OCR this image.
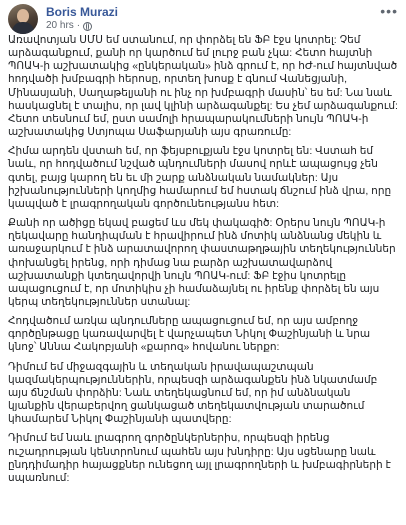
Boris Murazi
20 hrs ·
•••

Առավոտյան ՍՄՍ եմ ստանում, որ փորձել են ՖԲ էջս կոտրել: Չեմ արձագանքում, քանի որ կարծում եմ լուրջ բան չկա: Հետո հայտնի ՊՈԱԿ-ի աշխատակից «ընկերական» ինձ գրում է, որ հԺ-ում հայտնված հոդվածի խմբագրի հերոսը, որտեղ խոսք է գնում Վանեցյանի, Մինասյանի, Սաղաթելյանի ու ինչ որ խմբագրի մասին՝ ես եմ: Նա նաև հասկացնել է տալիս, որ լավ կլինի արձագանքել: Ես չեմ արձագանքում: Հետո տեսնում եմ, ըստ սամոլի հրապարակումների նույն ՊՈԱԿ-ի աշխատակից Ստյոպա Սաֆարյանի այս գրառումը:

Հիմա արդեն վստահ եմ, որ ֆեյսբուքյան էջս կոտրել են: Վստահ եմ նաև, որ հոդվածում նշված պնդումների մասով որևէ ապացույց չեն գտել, բայց կարող են եւ մի շարք անձնական նամակներ: Այս իշխանությունների կողմից համարում եմ հստակ ճնշում ինձ վրա, որը կապված է լրագրողական գործունեությանս հետ:

Քանի որ ածիցը եկավ բացեմ ևս մեկ փակագիծ: Օրերս նույն ՊՈԱԿ-ի ղեկավարը հանդիպման է հրավիրում ինձ մոտիկ անձնանց մեկին և առաջարկում է ինձ արատավորող փաստաթղթային տեղեկություններ փոխանցել իրենց, որի դիմաց նա բարձր աշխատավարձով աշխատանքի կտեղավորվի նույն ՊՈԱԿ-ում: ՖԲ էջիս կոտրելը ապացուցում է, որ մոտիկիս չի համաձայնել ու իրենք փորձել են այս կերպ տեղեկություններ ստանալ:

Հոդվածում առկա պնդումները ապացուցում եմ, որ այս ամբողջ գործընթացը կառավարվել է վարչապետ Նիկոլ Փաշինյանի և նրա կնոջ՝ Աննա Հակոբյանի «քարոզ» հովանու ներքո:

Դիմում եմ միջազգային և տեղական իրավապաշտպան կազմակերպություններին, որպեսզի արձագանքեն ինձ նկատմամբ այս ճնշման փորձին: Նաև տեղեկացնում եմ, որ իմ անձնական կյանքին վերաբերվող ցանկացած տեղեկատվության տարածում կհամարեմ Նիկոլ Փաշինյանի պատվերը:

Դիմում եմ նաև լրագրող գործընկերներիս, որպեսզի իրենց ուշադրության կենտրոնում պահեն այս խնդիրը: Այս սցենարը նաև ընդդիմադիր հայացքներ ունեցող այլ լրագրողների և խմբագիրների է սպառնում:
